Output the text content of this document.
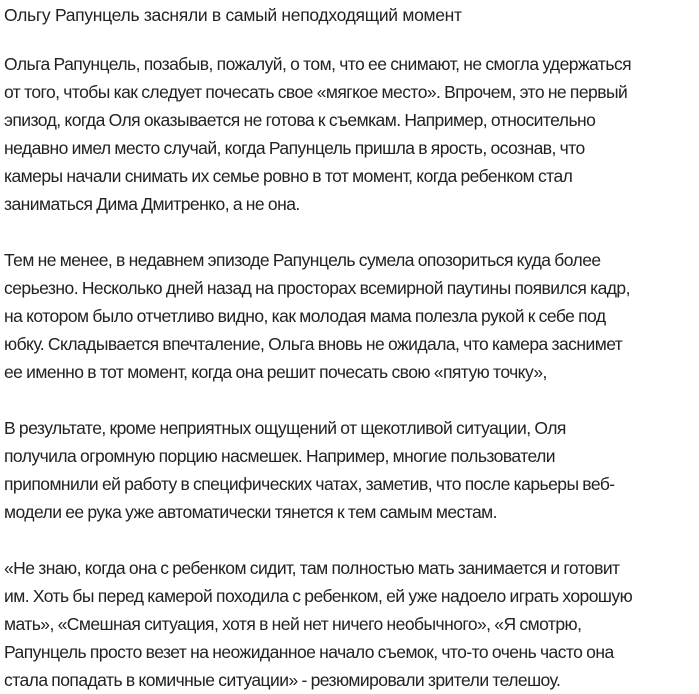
Ольгу Рапунцель засняли в самый неподходящий момент

Ольга Рапунцель, позабыв, пожалуй, о том, что ее снимают, не смогла удержаться
от того, чтобы как следует почесать свое «мягкое место». Впрочем, это не первый
эпизод, когда Оля оказывается не готова к съемкам. Например, относительно
недавно имел место случай, когда Рапунцель пришла в ярость, осознав, что
камеры начали снимать их семье ровно в тот момент, когда ребенком стал
заниматься Дима Дмитренко, а не она.

Тем не менее, в недавнем эпизоде Рапунцель сумела опозориться куда более
серьезно. Несколько дней назад на просторах всемирной паутины появился кадр,
на котором было отчетливо видно, как молодая мама полезла рукой к себе под
юбку. Складывается впечталение, Ольга вновь не ожидала, что камера заснимет
ее именно в тот момент, когда она решит почесать свою «пятую точку»,

В результате, кроме неприятных ощущений от щекотливой ситуации, Оля
получила огромную порцию насмешек. Например, многие пользователи
припомнили ей работу в специфических чатах, заметив, что после карьеры веб-
модели ее рука уже автоматически тянется к тем самым местам.

«Не знаю, когда она с ребенком сидит, там полностью мать занимается и готовит
им. Хоть бы перед камерой походила с ребенком, ей уже надоело играть хорошую
мать», «Смешная ситуация, хотя в ней нет ничего необычного», «Я смотрю,
Рапунцель просто везет на неожиданное начало съемок, что-то очень часто она
стала попадать в комичные ситуации» - резюмировали зрители телешоу.
